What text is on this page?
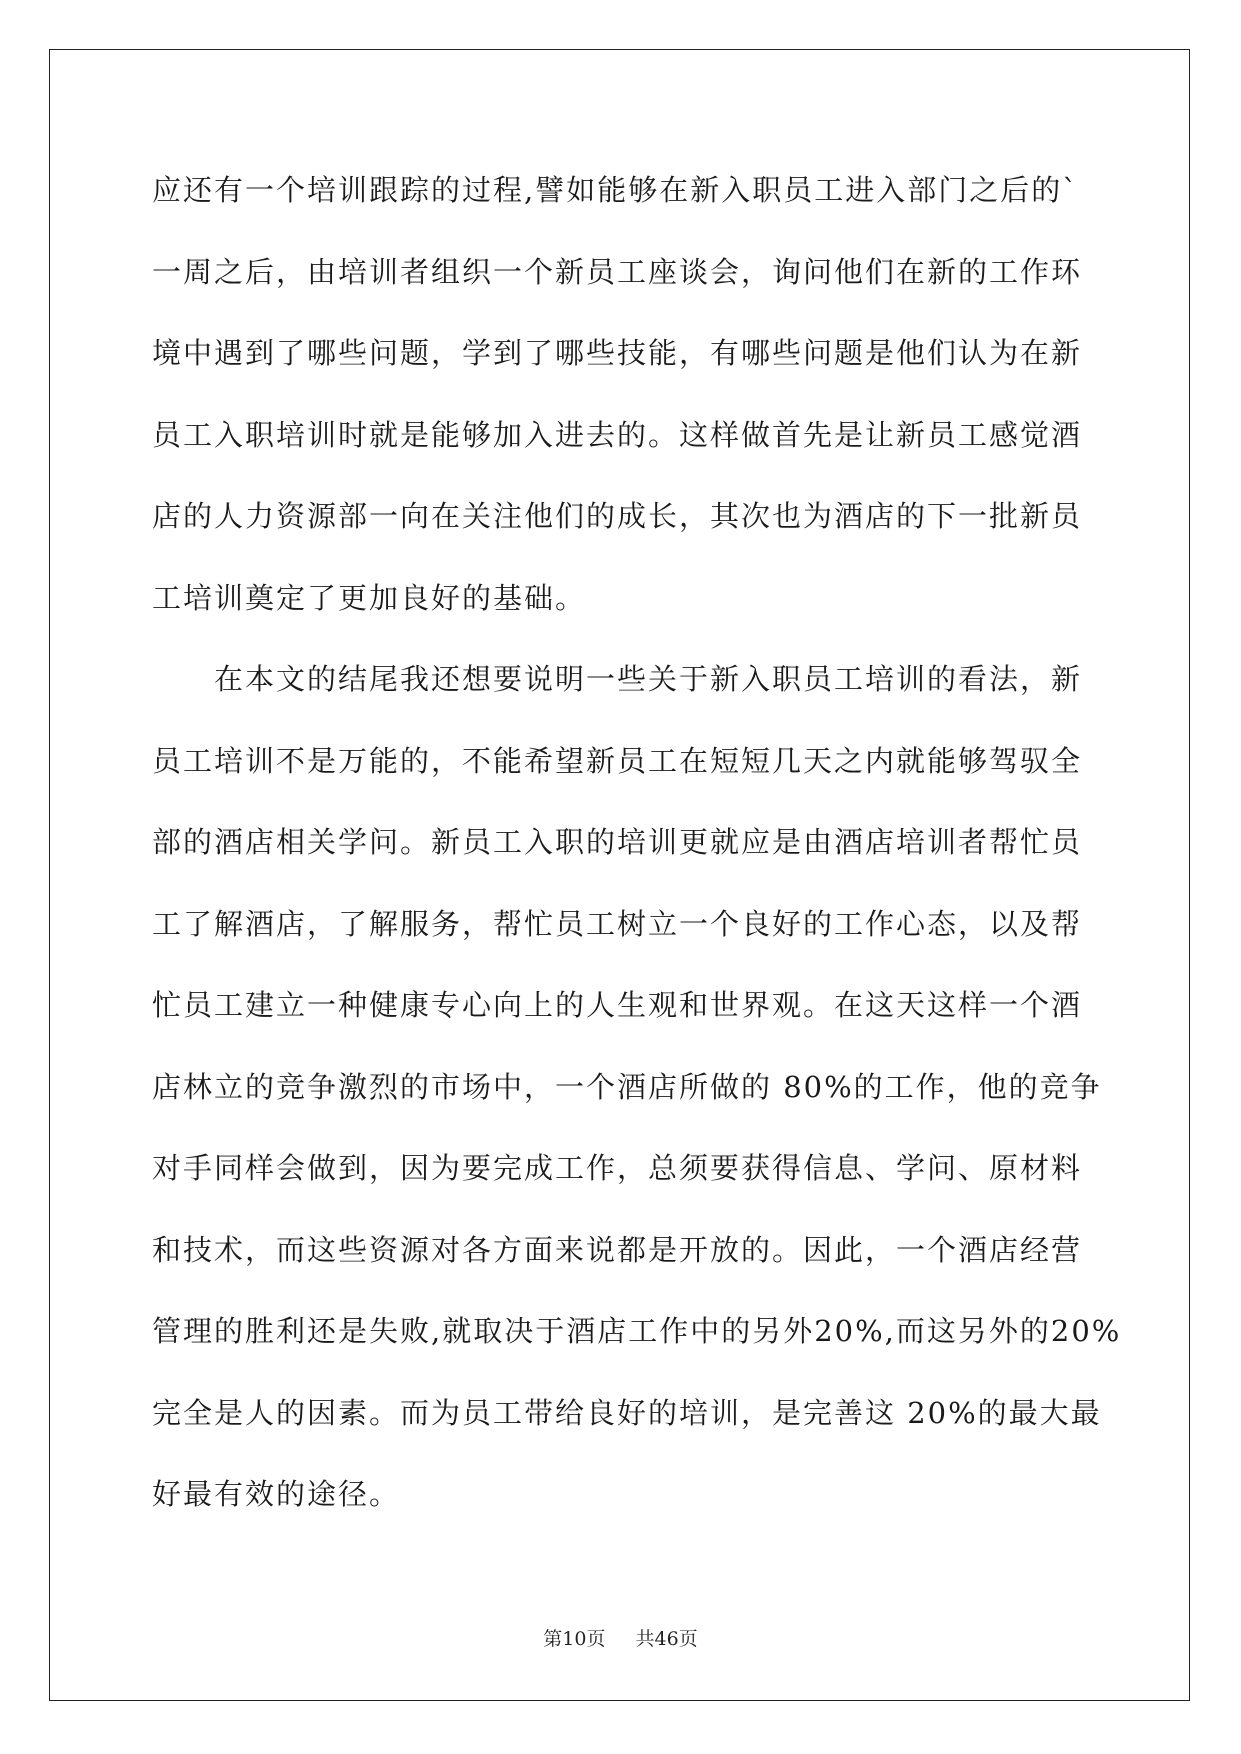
应还有一个培训跟踪的过程,譬如能够在新入职员工进入部门之后的`
一周之后，由培训者组织一个新员工座谈会，询问他们在新的工作环
境中遇到了哪些问题，学到了哪些技能，有哪些问题是他们认为在新
员工入职培训时就是能够加入进去的。这样做首先是让新员工感觉酒
店的人力资源部一向在关注他们的成长，其次也为酒店的下一批新员
工培训奠定了更加良好的基础。
在本文的结尾我还想要说明一些关于新入职员工培训的看法，新
员工培训不是万能的，不能希望新员工在短短几天之内就能够驾驭全
部的酒店相关学问。新员工入职的培训更就应是由酒店培训者帮忙员
工了解酒店，了解服务，帮忙员工树立一个良好的工作心态，以及帮
忙员工建立一种健康专心向上的人生观和世界观。在这天这样一个酒
店林立的竞争激烈的市场中，一个酒店所做的 80%的工作，他的竞争
对手同样会做到，因为要完成工作，总须要获得信息、学问、原材料
和技术，而这些资源对各方面来说都是开放的。因此，一个酒店经营
管理的胜利还是失败,就取决于酒店工作中的另外20%,而这另外的20%
完全是人的因素。而为员工带给良好的培训，是完善这 20%的最大最
好最有效的途径。
第10页 共46页
